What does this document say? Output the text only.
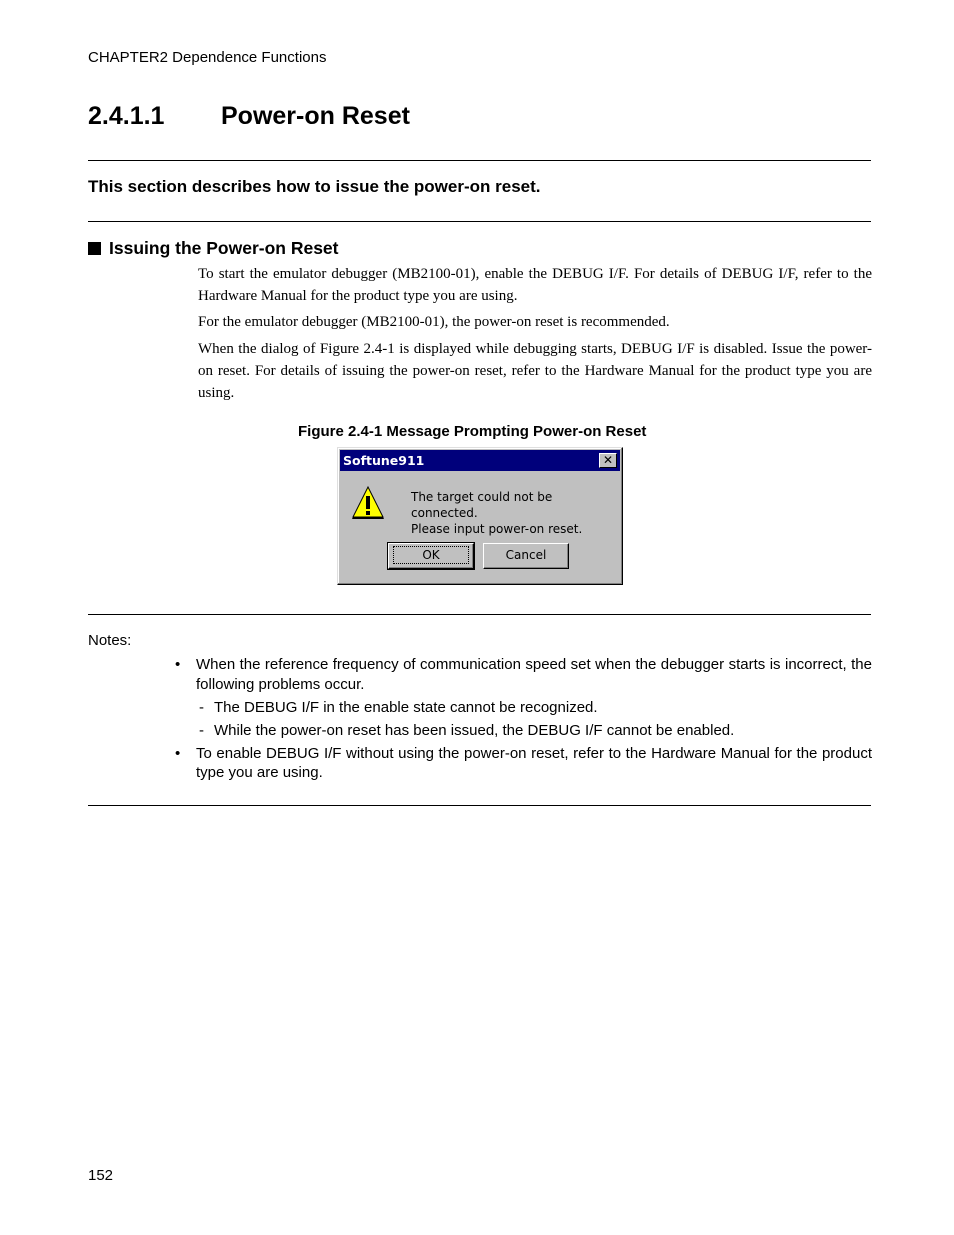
CHAPTER2 Dependence Functions
2.4.1.1	Power-on Reset
This section describes how to issue the power-on reset.
Issuing the Power-on Reset

To start the emulator debugger (MB2100-01), enable the DEBUG I/F. For details of DEBUG I/F, refer to the Hardware Manual for the product type you are using.

For the emulator debugger (MB2100-01), the power-on reset is recommended.

When the dialog of Figure 2.4-1 is displayed while debugging starts, DEBUG I/F is disabled. Issue the power-on reset. For details of issuing the power-on reset, refer to the Hardware Manual for the product type you are using.

Figure 2.4-1 Message Prompting Power-on Reset
Softune911	✕
The target could not be connected.
Please input power-on reset.
OK	Cancel
Notes:
•	When the reference frequency of communication speed set when the debugger starts is incorrect, the following problems occur.
- The DEBUG I/F in the enable state cannot be recognized.
- While the power-on reset has been issued, the DEBUG I/F cannot be enabled.
•	To enable DEBUG I/F without using the power-on reset, refer to the Hardware Manual for the product type you are using.
152
